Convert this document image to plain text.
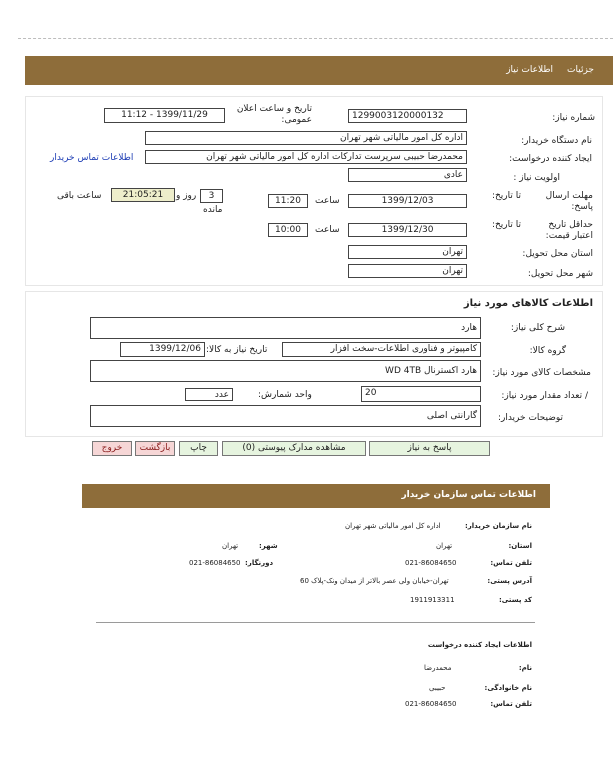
جزئیات
اطلاعات نیاز
شماره نیاز:
1299003120000132
تاریخ و ساعت اعلان عمومی:
1399/11/29 - 11:12
نام دستگاه خریدار:
اداره کل امور مالیاتی شهر تهران
ایجاد کننده درخواست:
محمدرضا حبیبی سرپرست تدارکات اداره کل امور مالیاتی شهر تهران
اطلاعات تماس خریدار
اولویت نیاز :
عادی
مهلت ارسال پاسخ:
تا تاریخ:
1399/12/03
ساعت
11:20
3
روز و
مانده
21:05:21
ساعت باقی
حداقل تاریخ اعتبار قیمت:
تا تاریخ:
1399/12/30
ساعت
10:00
استان محل تحویل:
تهران
شهر محل تحویل:
تهران
اطلاعات کالاهای مورد نیاز
شرح کلی نیاز:
هارد
گروه کالا:
کامپیوتر و فناوری اطلاعات-سخت افزار
تاریخ نیاز به کالا:
1399/12/06
مشخصات کالای مورد نیاز:
هارد اکسترنال WD 4TB
/ تعداد مقدار مورد نیاز:
20
واحد شمارش:
عدد
توضیحات خریدار:
گارانتی اصلی
پاسخ به نیاز
مشاهده مدارک پیوستی (0)
چاپ
بازگشت
خروج
اطلاعات تماس سازمان خریدار
نام سازمان خریدار:
اداره کل امور مالیاتی شهر تهران
استان:
تهران
شهر:
تهران
تلفن تماس:
021-86084650
دورنگار:
021-86084650
آدرس پستی:
تهران-خیابان ولی عصر بالاتر از میدان ونک-پلاک 60
کد پستی:
1911913311
اطلاعات ایجاد کننده درخواست
نام:
محمدرضا
نام خانوادگی:
حبیبی
تلفن تماس:
021-86084650
